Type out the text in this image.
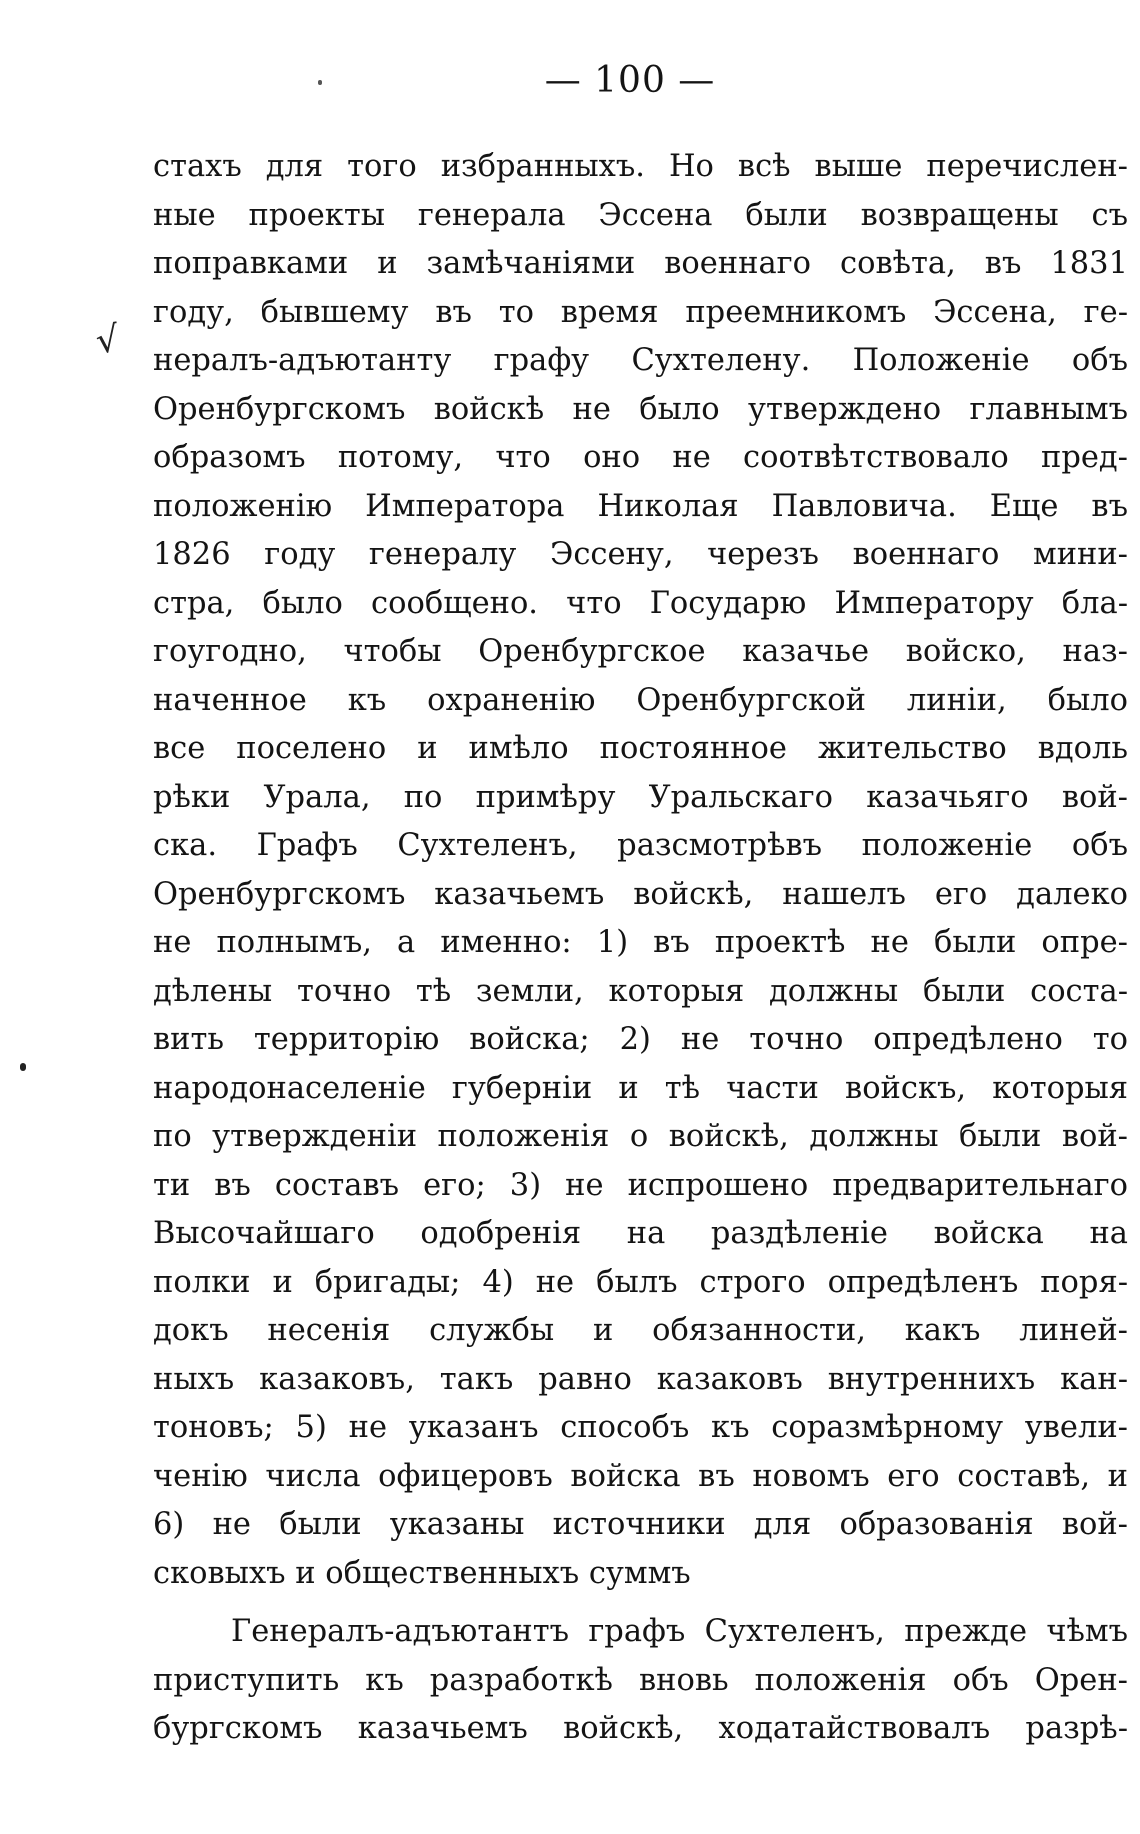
— 100 —
√
стахъ для того избранныхъ. Но всѣ выше перечислен-
ные проекты генерала Эссена были возвращены съ
поправками и замѣчаніями военнаго совѣта, въ 1831
году, бывшему въ то время преемникомъ Эссена, ге-
нералъ-адъютанту графу Сухтелену. Положеніе объ
Оренбургскомъ войскѣ не было утверждено главнымъ
образомъ потому, что оно не соотвѣтствовало пред-
положенію Императора Николая Павловича. Еще въ
1826 году генералу Эссену, черезъ военнаго мини-
стра, было сообщено. что Государю Императору бла-
гоугодно, чтобы Оренбургское казачье войско, наз-
наченное къ охраненію Оренбургской линіи, было
все поселено и имѣло постоянное жительство вдоль
рѣки Урала, по примѣру Уральскаго казачьяго вой-
ска. Графъ Сухтеленъ, разсмотрѣвъ положеніе объ
Оренбургскомъ казачьемъ войскѣ, нашелъ его далеко
не полнымъ, а именно: 1) въ проектѣ не были опре-
дѣлены точно тѣ земли, которыя должны были соста-
вить территорію войска; 2) не точно опредѣлено то
народонаселеніе губерніи и тѣ части войскъ, которыя
по утвержденіи положенія о войскѣ, должны были вой-
ти въ составъ его; 3) не испрошено предварительнаго
Высочайшаго одобренія на раздѣленіе войска на
полки и бригады; 4) не былъ строго опредѣленъ поря-
докъ несенія службы и обязанности, какъ линей-
ныхъ казаковъ, такъ равно казаковъ внутреннихъ кан-
тоновъ; 5) не указанъ способъ къ соразмѣрному увели-
ченію числа офицеровъ войска въ новомъ его составѣ, и
6) не были указаны источники для образованія вой-
сковыхъ и общественныхъ суммъ
Генералъ-адъютантъ графъ Сухтеленъ, прежде чѣмъ
приступить къ разработкѣ вновь положенія объ Орен-
бургскомъ казачьемъ войскѣ, ходатайствовалъ разрѣ-
